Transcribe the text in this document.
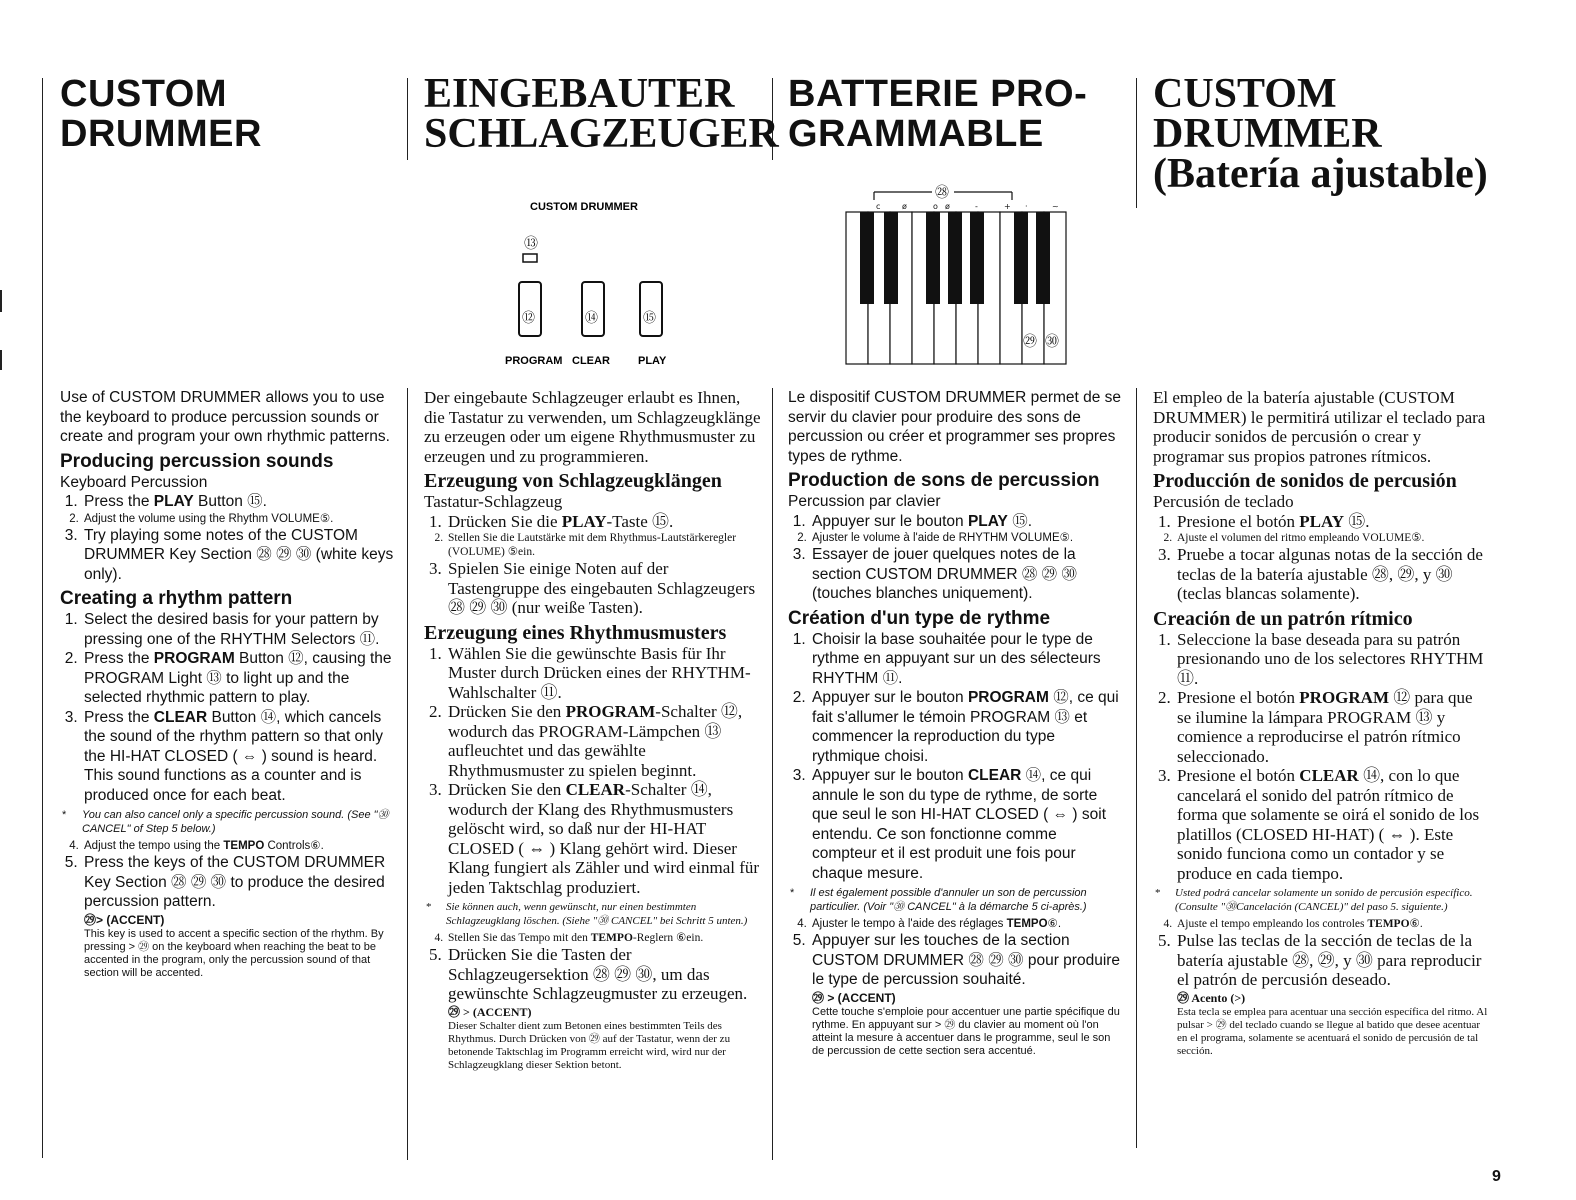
CUSTOM
DRUMMER
EINGEBAUTER
SCHLAGZEUGER
BATTERIE PRO-
GRAMMABLE
CUSTOM
DRUMMER
(Batería ajustable)
CUSTOM DRUMMER
⑬
⑫	⑭	⑮
PROGRAM CLEAR	PLAY
㉘
c	ø	o ø	-	+ ·	~
㉙ ㉚

Use of CUSTOM DRUMMER allows you to use the keyboard to produce percussion sounds or create and program your own rhythmic patterns.

Producing percussion sounds

Keyboard Percussion

1. Press the PLAY Button ⑮.
2. Adjust the volume using the Rhythm VOLUME⑤.
3. Try playing some notes of the CUSTOM DRUMMER Key Section ㉘ ㉙ ㉚ (white keys only).
Creating a rhythm pattern
1. Select the desired basis for your pattern by pressing one of the RHYTHM Selectors ⑪.
2. Press the PROGRAM Button ⑫, causing the PROGRAM Light ⑬ to light up and the selected rhythmic pattern to play.
3. Press the CLEAR Button ⑭, which cancels the sound of the rhythm pattern so that only the HI-HAT CLOSED ( ⇔ ) sound is heard. This sound functions as a counter and is produced once for each beat.
* You can also cancel only a specific percussion sound. (See "㉚CANCEL" of Step 5 below.)
4. Adjust the tempo using the TEMPO Controls⑥.
5. Press the keys of the CUSTOM DRUMMER Key Section ㉘ ㉙ ㉚ to produce the desired percussion pattern.
㉙> (ACCENT)
This key is used to accent a specific section of the rhythm. By pressing > ㉙ on the keyboard when reaching the beat to be accented in the program, only the percussion sound of that section will be accented.

Der eingebaute Schlagzeuger erlaubt es Ihnen, die Tastatur zu verwenden, um Schlagzeugklänge zu erzeugen oder um eigene Rhythmusmuster zu erzeugen und zu programmieren.

Erzeugung von Schlagzeugklängen

Tastatur-Schlagzeug

1. Drücken Sie die PLAY-Taste ⑮.
2. Stellen Sie die Lautstärke mit dem Rhythmus-Lautstärkeregler (VOLUME) ⑤ein.
3. Spielen Sie einige Noten auf der Tastengruppe des eingebauten Schlagzeugers ㉘ ㉙ ㉚ (nur weiße Tasten).
Erzeugung eines Rhythmusmusters
1. Wählen Sie die gewünschte Basis für Ihr Muster durch Drücken eines der RHYTHM-Wahlschalter ⑪.
2. Drücken Sie den PROGRAM-Schalter ⑫, wodurch das PROGRAM-Lämpchen ⑬ aufleuchtet und das gewählte Rhythmusmuster zu spielen beginnt.
3. Drücken Sie den CLEAR-Schalter ⑭, wodurch der Klang des Rhythmusmusters gelöscht wird, so daß nur der HI-HAT CLOSED ( ⇔ ) Klang gehört wird. Dieser Klang fungiert als Zähler und wird einmal für jeden Taktschlag produziert.
* Sie können auch, wenn gewünscht, nur einen bestimmten Schlagzeugklang löschen. (Siehe "㉚ CANCEL" bei Schritt 5 unten.)
4. Stellen Sie das Tempo mit den TEMPO-Reglern ⑥ein.
5. Drücken Sie die Tasten der Schlagzeugersektion ㉘ ㉙ ㉚, um das gewünschte Schlagzeugmuster zu erzeugen.
㉙ > (ACCENT)
Dieser Schalter dient zum Betonen eines bestimmten Teils des Rhythmus. Durch Drücken von ㉙ auf der Tastatur, wenn der zu betonende Taktschlag im Programm erreicht wird, wird nur der Schlagzeugklang dieser Sektion betont.

Le dispositif CUSTOM DRUMMER permet de se servir du clavier pour produire des sons de percussion ou créer et programmer ses propres types de rythme.

Production de sons de percussion

Percussion par clavier

1. Appuyer sur le bouton PLAY ⑮.
2. Ajuster le volume à l'aide de RHYTHM VOLUME⑤.
3. Essayer de jouer quelques notes de la section CUSTOM DRUMMER ㉘ ㉙ ㉚ (touches blanches uniquement).
Création d'un type de rythme
1. Choisir la base souhaitée pour le type de rythme en appuyant sur un des sélecteurs RHYTHM ⑪.
2. Appuyer sur le bouton PROGRAM ⑫, ce qui fait s'allumer le témoin PROGRAM ⑬ et commencer la reproduction du type rythmique choisi.
3. Appuyer sur le bouton CLEAR ⑭, ce qui annule le son du type de rythme, de sorte que seul le son HI-HAT CLOSED ( ⇔ ) soit entendu. Ce son fonctionne comme compteur et il est produit une fois pour chaque mesure.
* Il est également possible d'annuler un son de percussion particulier. (Voir "㉚ CANCEL" à la démarche 5 ci-après.)
4. Ajuster le tempo à l'aide des réglages TEMPO⑥.
5. Appuyer sur les touches de la section CUSTOM DRUMMER ㉘ ㉙ ㉚ pour produire le type de percussion souhaité.
㉙ > (ACCENT)
Cette touche s'emploie pour accentuer une partie spécifique du rythme. En appuyant sur > ㉙ du clavier au moment où l'on atteint la mesure à accentuer dans le programme, seul le son de percussion de cette section sera accentué.

El empleo de la batería ajustable (CUSTOM DRUMMER) le permitirá utilizar el teclado para producir sonidos de percusión o crear y programar sus propios patrones rítmicos.

Producción de sonidos de percusión

Percusión de teclado

1. Presione el botón PLAY ⑮.
2. Ajuste el volumen del ritmo empleando VOLUME⑤.
3. Pruebe a tocar algunas notas de la sección de teclas de la batería ajustable ㉘, ㉙, y ㉚ (teclas blancas solamente).
Creación de un patrón rítmico
1. Seleccione la base deseada para su patrón presionando uno de los selectores RHYTHM ⑪.
2. Presione el botón PROGRAM ⑫ para que se ilumine la lámpara PROGRAM ⑬ y comience a reproducirse el patrón rítmico seleccionado.
3. Presione el botón CLEAR ⑭, con lo que cancelará el sonido del patrón rítmico de forma que solamente se oirá el sonido de los platillos (CLOSED HI-HAT) ( ⇔ ). Este sonido funciona como un contador y se produce en cada tiempo.
* Usted podrá cancelar solamente un sonido de percusión específico. (Consulte "㉚Cancelación (CANCEL)" del paso 5. siguiente.)
4. Ajuste el tempo empleando los controles TEMPO⑥.
5. Pulse las teclas de la sección de teclas de la batería ajustable ㉘, ㉙, y ㉚ para reproducir el patrón de percusión deseado.
㉙ Acento (>)
Esta tecla se emplea para acentuar una sección específica del ritmo. Al pulsar > ㉙ del teclado cuando se llegue al batido que desee acentuar en el programa, solamente se acentuará el sonido de percusión de tal sección.
9
